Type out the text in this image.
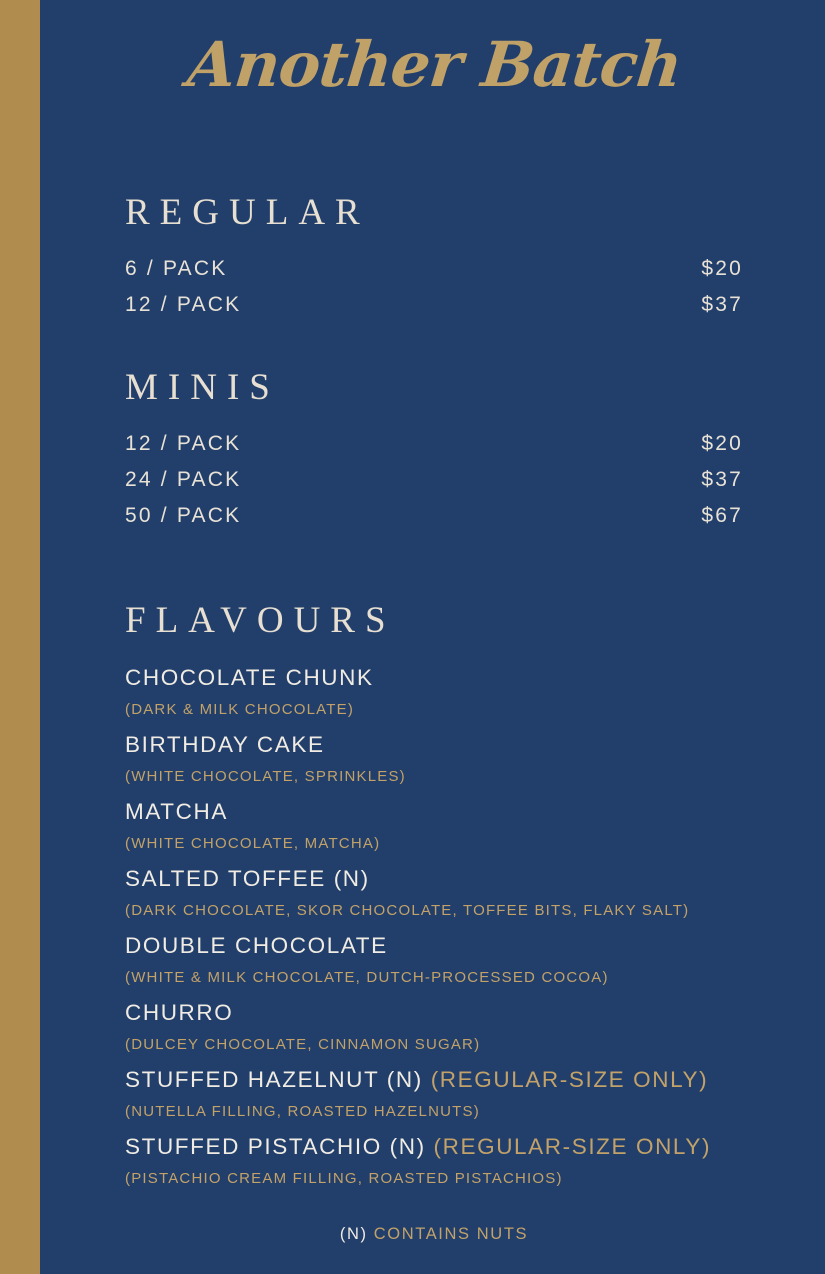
Another Batch
REGULAR
6 / PACK	$20
12 / PACK	$37
MINIS
12 / PACK	$20
24 / PACK	$37
50 / PACK	$67
FLAVOURS
CHOCOLATE CHUNK
(DARK & MILK CHOCOLATE)
BIRTHDAY CAKE
(WHITE CHOCOLATE, SPRINKLES)
MATCHA
(WHITE CHOCOLATE, MATCHA)
SALTED TOFFEE (N)
(DARK CHOCOLATE, SKOR CHOCOLATE, TOFFEE BITS, FLAKY SALT)
DOUBLE CHOCOLATE
(WHITE & MILK CHOCOLATE, DUTCH-PROCESSED COCOA)
CHURRO
(DULCEY CHOCOLATE, CINNAMON SUGAR)
STUFFED HAZELNUT (N) (REGULAR-SIZE ONLY)
(NUTELLA FILLING, ROASTED HAZELNUTS)
STUFFED PISTACHIO (N) (REGULAR-SIZE ONLY)
(PISTACHIO CREAM FILLING, ROASTED PISTACHIOS)
(N) CONTAINS NUTS
